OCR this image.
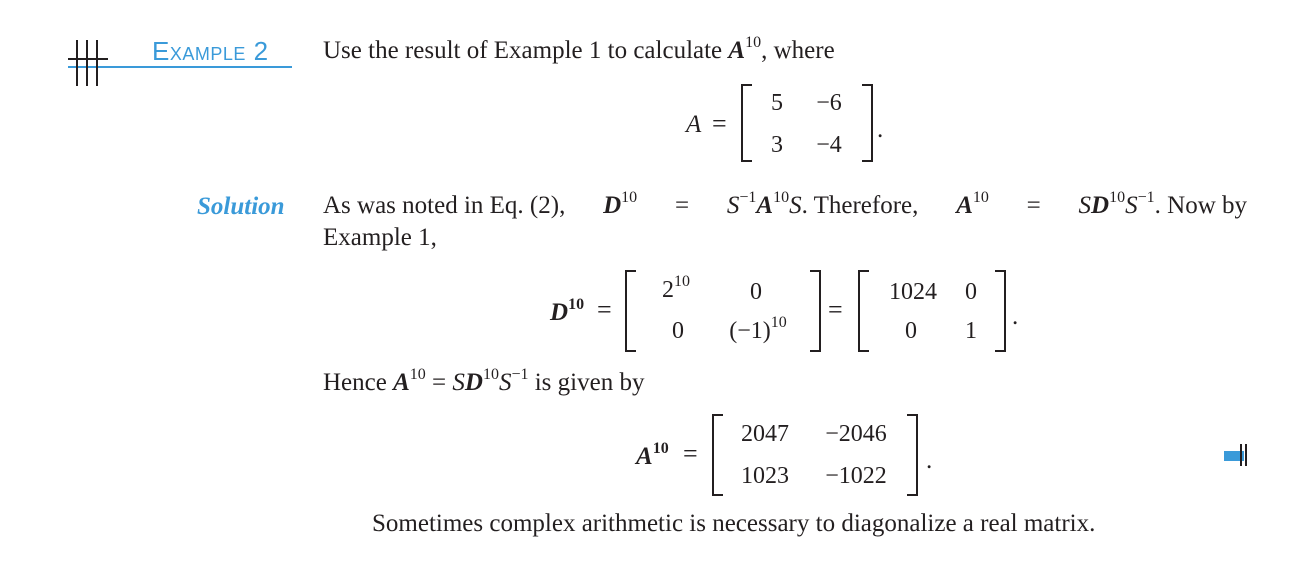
Example 2 Use the result of Example 1 to calculate $A^{10}$, where
A =
5	−6
3	−4
.
Solution As was noted in Eq. (2), $D^{10} = S^{-1}A^{10}S$. Therefore, $A^{10} = SD^{10}S^{-1}$. Now by
Example 1,
$D^{10}$ =
$2^{10}$	0
0	$(-1)^{10}$	=
1024 0
0 1
.
Hence $A^{10} = SD^{10}S^{-1}$ is given by
$A^{10}$ =
2047	−2046
1023	−1022
.
Sometimes complex arithmetic is necessary to diagonalize a real matrix.
